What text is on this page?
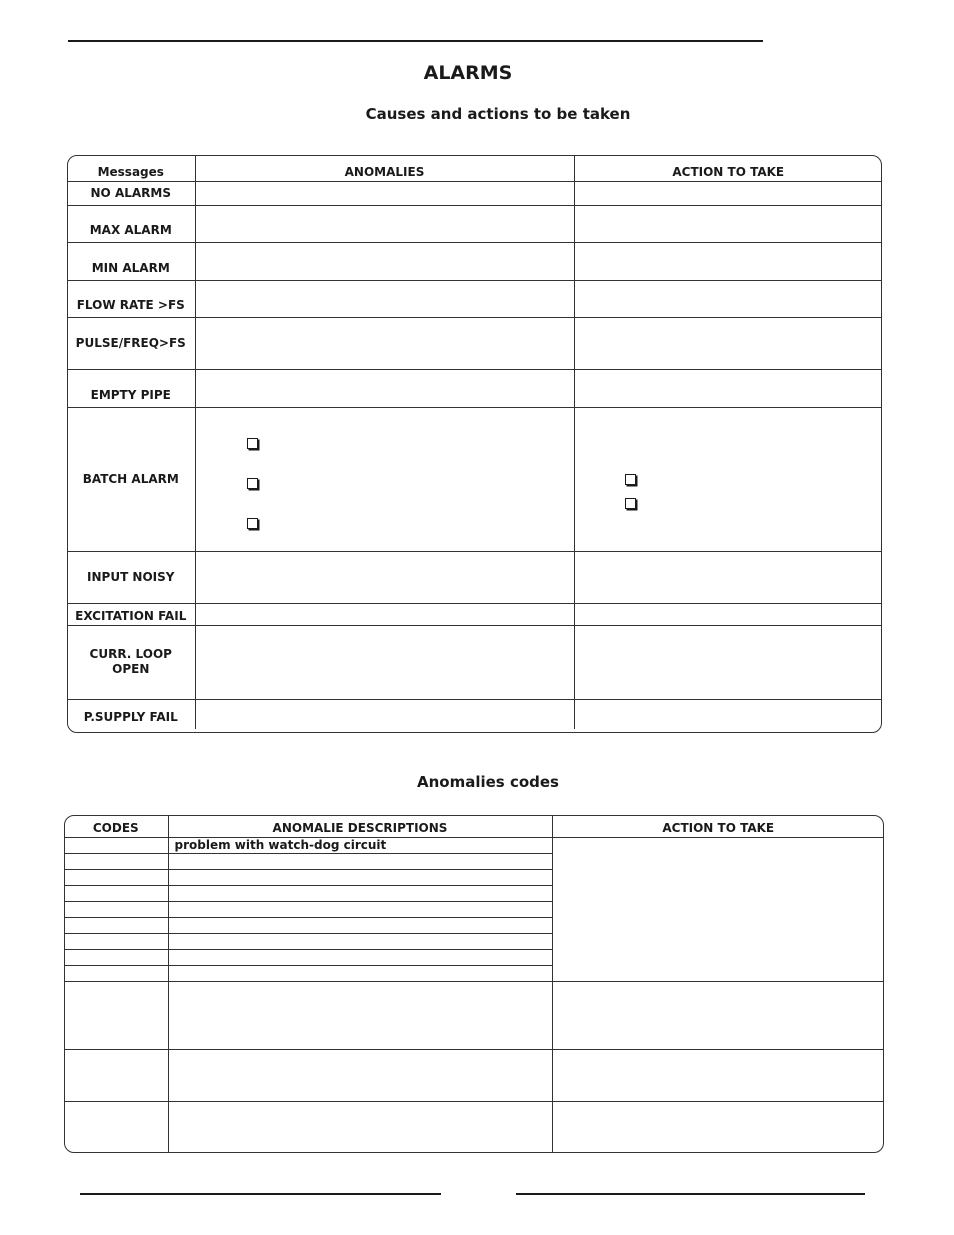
ALARMS
Causes and actions to be taken
Messages	ANOMALIES	ACTION TO TAKE
NO ALARMS		
MAX ALARM		
MIN ALARM		
FLOW RATE >FS		
PULSE/FREQ>FS		
EMPTY PIPE		
BATCH ALARM		
INPUT NOISY		
EXCITATION FAIL		
CURR. LOOP OPEN		
P.SUPPLY FAIL		
Anomalies codes
CODES	ANOMALIE DESCRIPTIONS	ACTION TO TAKE
	problem with watch-dog circuit	
